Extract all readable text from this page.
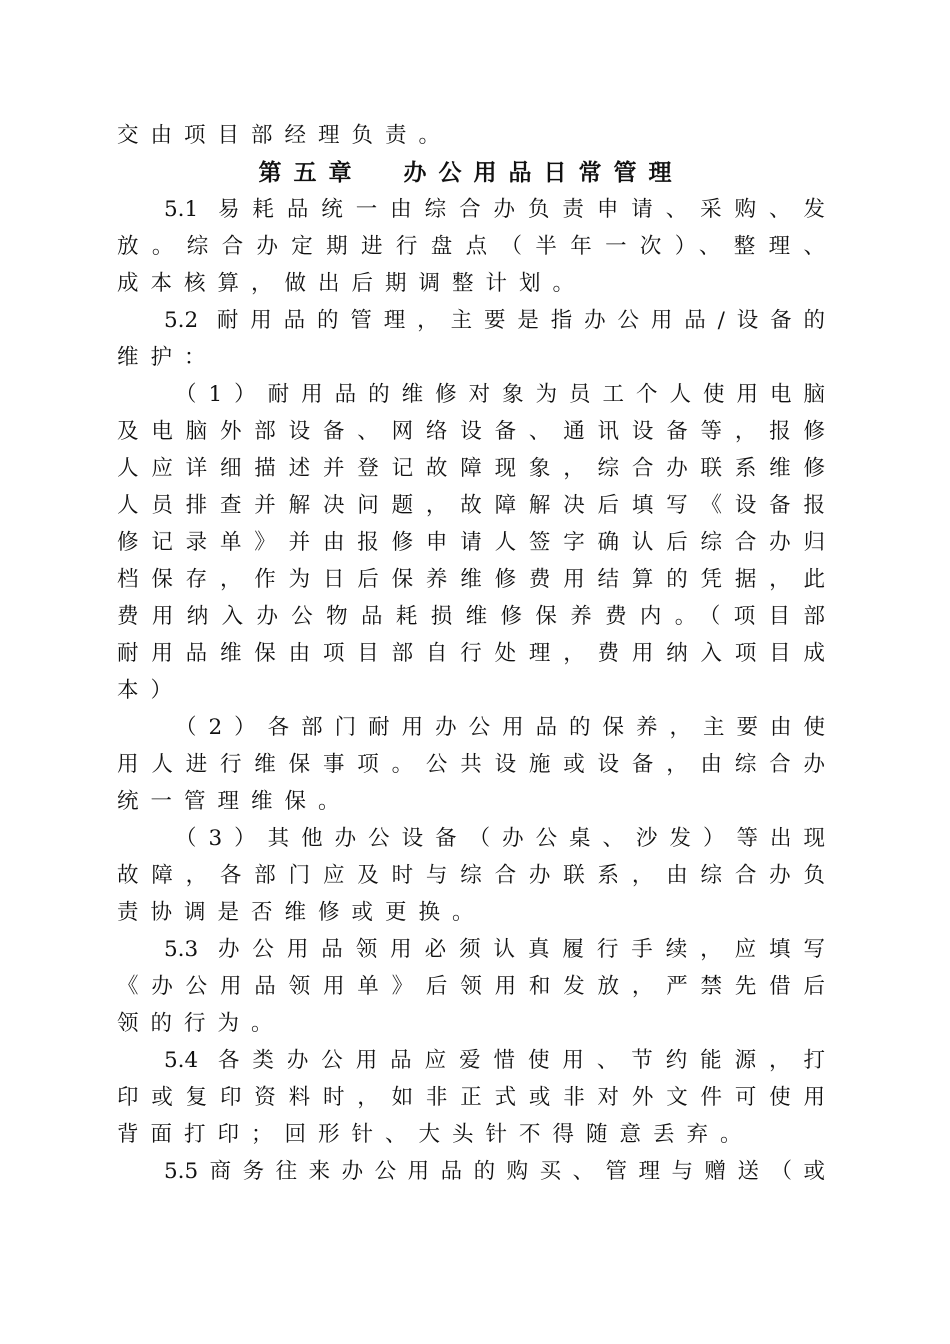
交由项目部经理负责。
第五章  办公用品日常管理
5.1 易耗品统一由综合办负责申请、采购、发
放。综合办定期进行盘点（半年一次）、整理、
成本核算，做出后期调整计划。
5.2 耐用品的管理，主要是指办公用品/设备的
维护：
（1）耐用品的维修对象为员工个人使用电脑
及电脑外部设备、网络设备、通讯设备等，报修
人应详细描述并登记故障现象，综合办联系维修
人员排查并解决问题，故障解决后填写《设备报
修记录单》并由报修申请人签字确认后综合办归
档保存，作为日后保养维修费用结算的凭据，此
费用纳入办公物品耗损维修保养费内。（项目部
耐用品维保由项目部自行处理，费用纳入项目成
本）
（2）各部门耐用办公用品的保养，主要由使
用人进行维保事项。公共设施或设备，由综合办
统一管理维保。
（3）其他办公设备（办公桌、沙发）等出现
故障，各部门应及时与综合办联系，由综合办负
责协调是否维修或更换。
5.3 办公用品领用必须认真履行手续，应填写
《办公用品领用单》后领用和发放，严禁先借后
领的行为。
5.4 各类办公用品应爱惜使用、节约能源，打
印或复印资料时，如非正式或非对外文件可使用
背面打印；回形针、大头针不得随意丢弃。
5.5商务往来办公用品的购买、管理与赠送（或
